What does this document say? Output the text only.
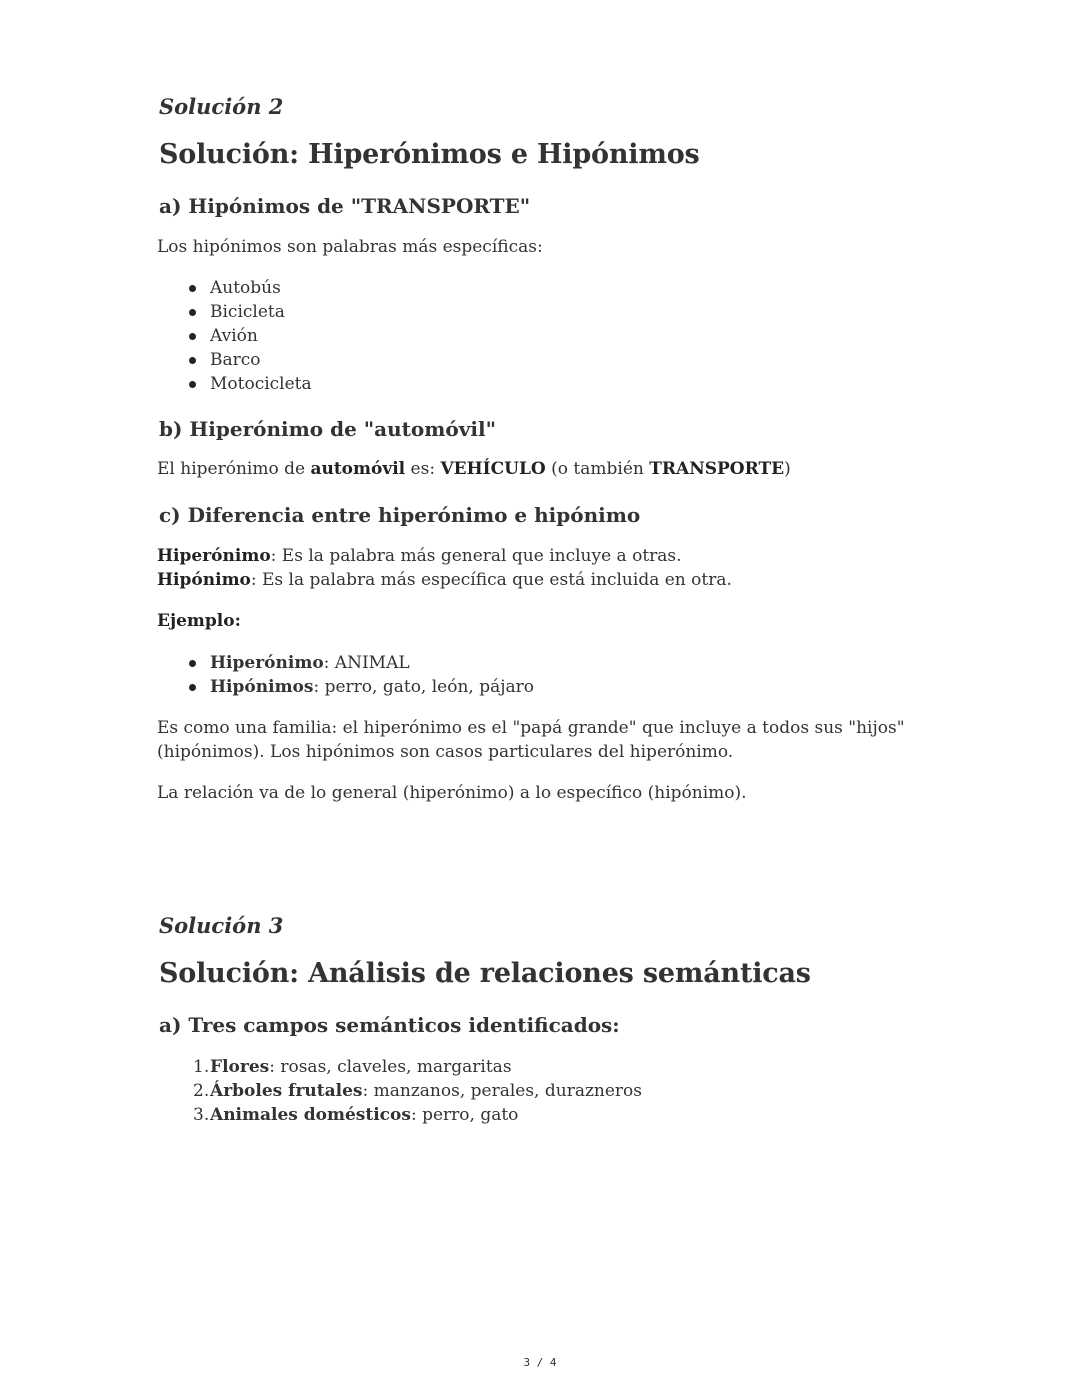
Solución 2
Solución: Hiperónimos e Hipónimos
a) Hipónimos de "TRANSPORTE"
Los hipónimos son palabras más específicas:
Autobús
Bicicleta
Avión
Barco
Motocicleta
b) Hiperónimo de "automóvil"
El hiperónimo de automóvil es: VEHÍCULO (o también TRANSPORTE)
c) Diferencia entre hiperónimo e hipónimo
Hiperónimo: Es la palabra más general que incluye a otras.
Hipónimo: Es la palabra más específica que está incluida en otra.
Ejemplo:
Hiperónimo: ANIMAL
Hipónimos: perro, gato, león, pájaro
Es como una familia: el hiperónimo es el "papá grande" que incluye a todos sus "hijos"
(hipónimos). Los hipónimos son casos particulares del hiperónimo.
La relación va de lo general (hiperónimo) a lo específico (hipónimo).
Solución 3
Solución: Análisis de relaciones semánticas
a) Tres campos semánticos identificados:
1. Flores: rosas, claveles, margaritas
2. Árboles frutales: manzanos, perales, durazneros
3. Animales domésticos: perro, gato
3 / 4
